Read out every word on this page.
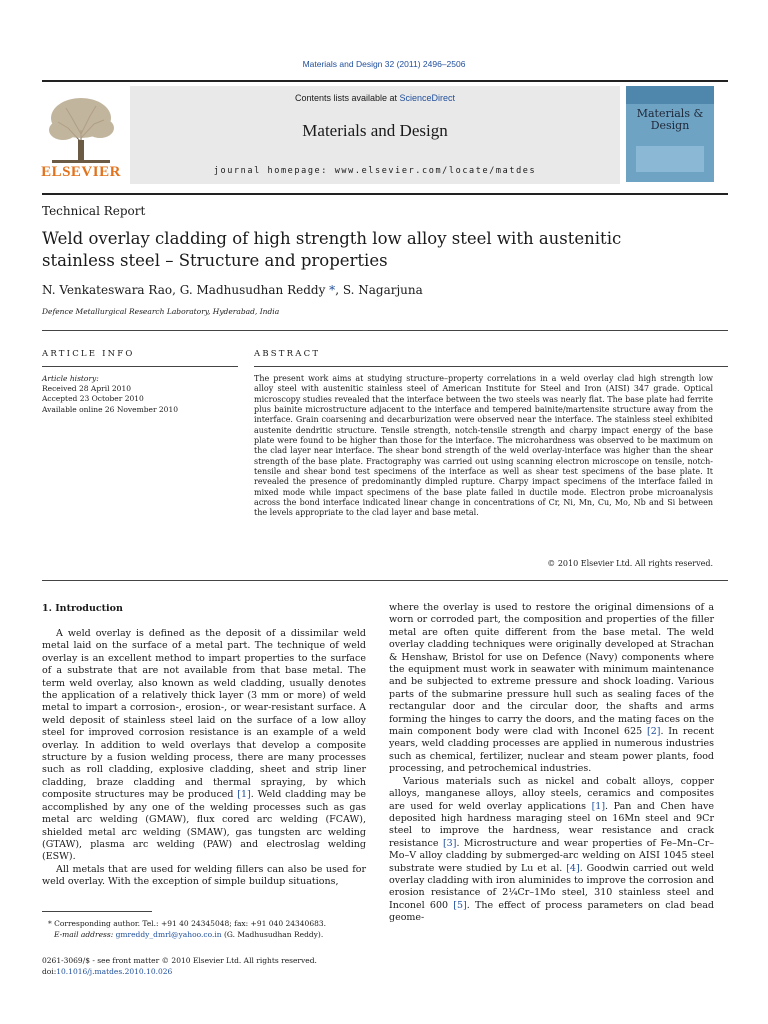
Materials and Design 32 (2011) 2496–2506
ELSEVIER
Contents lists available at ScienceDirect
Materials and Design
journal homepage: www.elsevier.com/locate/matdes
Materials & Design
Technical Report
Weld overlay cladding of high strength low alloy steel with austenitic stainless steel – Structure and properties
N. Venkateswara Rao, G. Madhusudhan Reddy *, S. Nagarjuna
Defence Metallurgical Research Laboratory, Hyderabad, India
ARTICLE INFO	ABSTRACT
Article history:
Received 28 April 2010
Accepted 23 October 2010
Available online 26 November 2010
The present work aims at studying structure–property correlations in a weld overlay clad high strength low alloy steel with austenitic stainless steel of American Institute for Steel and Iron (AISI) 347 grade. Optical microscopy studies revealed that the interface between the two steels was nearly flat. The base plate had ferrite plus bainite microstructure adjacent to the interface and tempered bainite/martensite structure away from the interface. Grain coarsening and decarburization were observed near the interface. The stainless steel exhibited austenite dendritic structure. Tensile strength, notch-tensile strength and charpy impact energy of the base plate were found to be higher than those for the interface. The microhardness was observed to be maximum on the clad layer near interface. The shear bond strength of the weld overlay-interface was higher than the shear strength of the base plate. Fractography was carried out using scanning electron microscope on tensile, notch-tensile and shear bond test specimens of the interface as well as shear test specimens of the base plate. It revealed the presence of predominantly dimpled rupture. Charpy impact specimens of the interface failed in mixed mode while impact specimens of the base plate failed in ductile mode. Electron probe microanalysis across the bond interface indicated linear change in concentrations of Cr, Ni, Mn, Cu, Mo, Nb and Si between the levels appropriate to the clad layer and base metal.
© 2010 Elsevier Ltd. All rights reserved.
1. Introduction

A weld overlay is defined as the deposit of a dissimilar weld metal laid on the surface of a metal part. The technique of weld overlay is an excellent method to impart properties to the surface of a substrate that are not available from that base metal. The term weld overlay, also known as weld cladding, usually denotes the application of a relatively thick layer (3 mm or more) of weld metal to impart a corrosion-, erosion-, or wear-resistant surface. A weld deposit of stainless steel laid on the surface of a low alloy steel for improved corrosion resistance is an example of a weld overlay. In addition to weld overlays that develop a composite structure by a fusion welding process, there are many processes such as roll cladding, explosive cladding, sheet and strip liner cladding, braze cladding and thermal spraying, by which composite structures may be produced [1]. Weld cladding may be accomplished by any one of the welding processes such as gas metal arc welding (GMAW), flux cored arc welding (FCAW), shielded metal arc welding (SMAW), gas tungsten arc welding (GTAW), plasma arc welding (PAW) and electroslag welding (ESW).

All metals that are used for welding fillers can also be used for weld overlay. With the exception of simple buildup situations,

where the overlay is used to restore the original dimensions of a worn or corroded part, the composition and properties of the filler metal are often quite different from the base metal. The weld overlay cladding techniques were originally developed at Strachan & Henshaw, Bristol for use on Defence (Navy) components where the equipment must work in seawater with minimum maintenance and be subjected to extreme pressure and shock loading. Various parts of the submarine pressure hull such as sealing faces of the rectangular door and the circular door, the shafts and arms forming the hinges to carry the doors, and the mating faces on the main component body were clad with Inconel 625 [2]. In recent years, weld cladding processes are applied in numerous industries such as chemical, fertilizer, nuclear and steam power plants, food processing, and petrochemical industries.

Various materials such as nickel and cobalt alloys, copper alloys, manganese alloys, alloy steels, ceramics and composites are used for weld overlay applications [1]. Pan and Chen have deposited high hardness maraging steel on 16Mn steel and 9Cr steel to improve the hardness, wear resistance and crack resistance [3]. Microstructure and wear properties of Fe–Mn–Cr–Mo–V alloy cladding by submerged-arc welding on AISI 1045 steel substrate were studied by Lu et al. [4]. Goodwin carried out weld overlay cladding with iron aluminides to improve the corrosion and erosion resistance of 2¼Cr–1Mo steel, 310 stainless steel and Inconel 600 [5]. The effect of process parameters on clad bead geome-

* Corresponding author. Tel.: +91 40 24345048; fax: +91 040 24340683.
E-mail address: gmreddy_dmrl@yahoo.co.in (G. Madhusudhan Reddy).
0261-3069/$ - see front matter © 2010 Elsevier Ltd. All rights reserved.
doi:10.1016/j.matdes.2010.10.026
